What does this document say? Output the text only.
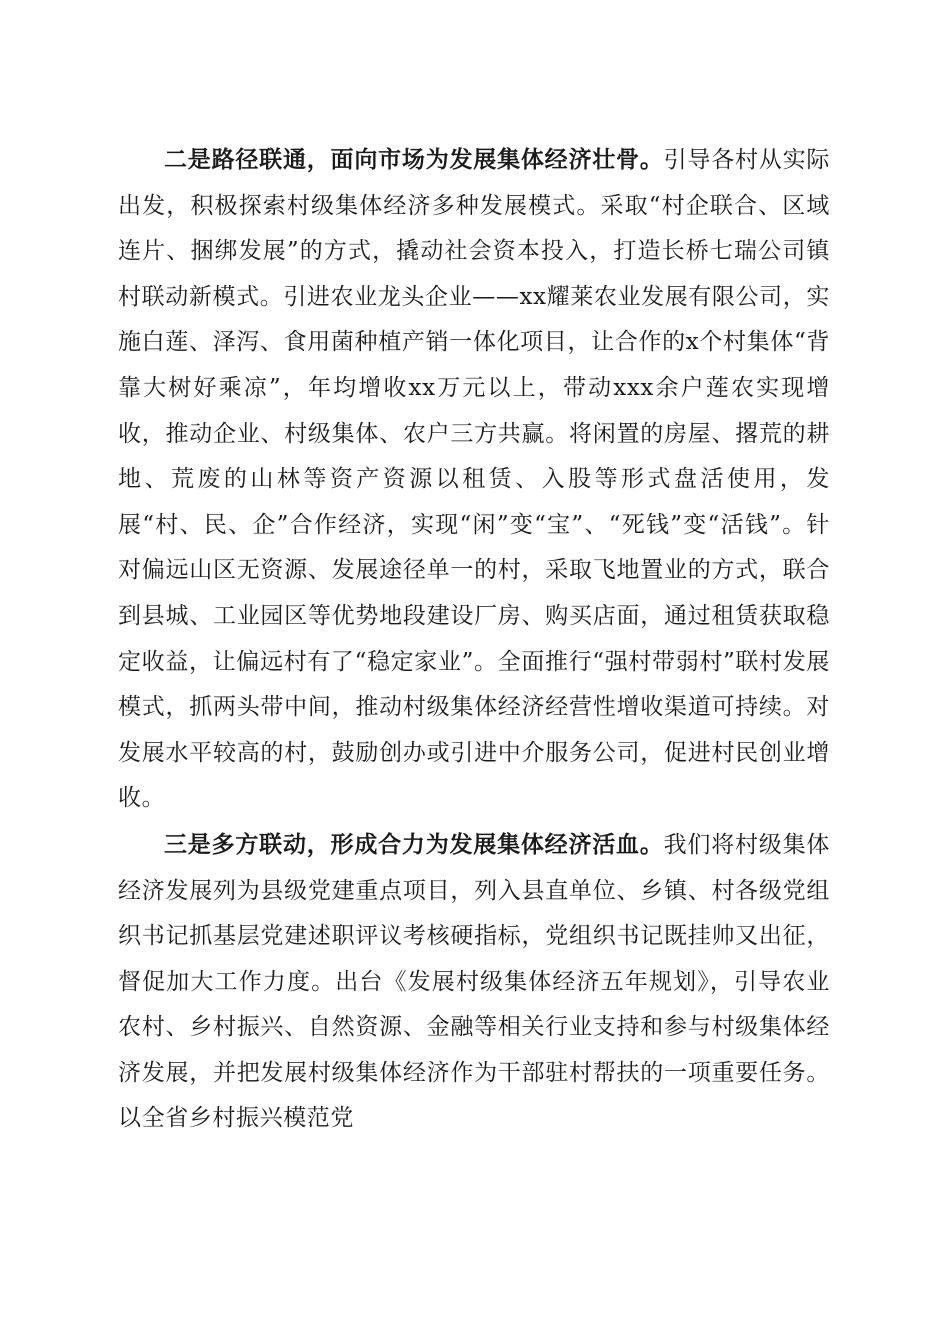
二是路径联通，面向市场为发展集体经济壮骨。引导各村从实际出发，积极探索村级集体经济多种发展模式。采取“村企联合、区域连片、捆绑发展”的方式，撬动社会资本投入，打造长桥七瑞公司镇村联动新模式。引进农业龙头企业——xx耀莱农业发展有限公司，实施白莲、泽泻、食用菌种植产销一体化项目，让合作的x个村集体“背靠大树好乘凉”，年均增收xx万元以上，带动xxx余户莲农实现增收，推动企业、村级集体、农户三方共赢。将闲置的房屋、撂荒的耕地、荒废的山林等资产资源以租赁、入股等形式盘活使用，发展“村、民、企”合作经济，实现“闲”变“宝”、“死钱”变“活钱”。针对偏远山区无资源、发展途径单一的村，采取飞地置业的方式，联合到县城、工业园区等优势地段建设厂房、购买店面，通过租赁获取稳定收益，让偏远村有了“稳定家业”。全面推行“强村带弱村”联村发展模式，抓两头带中间，推动村级集体经济经营性增收渠道可持续。对发展水平较高的村，鼓励创办或引进中介服务公司，促进村民创业增收。

三是多方联动，形成合力为发展集体经济活血。我们将村级集体经济发展列为县级党建重点项目，列入县直单位、乡镇、村各级党组织书记抓基层党建述职评议考核硬指标，党组织书记既挂帅又出征，督促加大工作力度。出台《发展村级集体经济五年规划》，引导农业农村、乡村振兴、自然资源、金融等相关行业支持和参与村级集体经济发展，并把发展村级集体经济作为干部驻村帮扶的一项重要任务。以全省乡村振兴模范党
